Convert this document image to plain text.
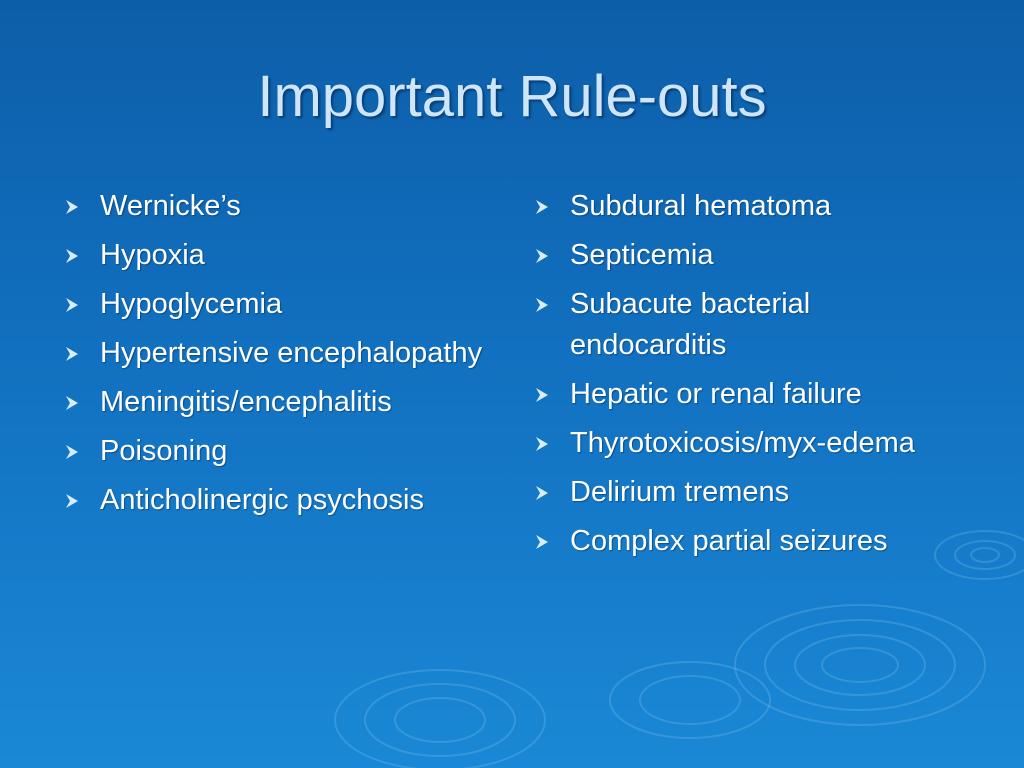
Important Rule-outs
Wernicke’s
Hypoxia
Hypoglycemia
Hypertensive encephalopathy
Meningitis/encephalitis
Poisoning
Anticholinergic psychosis
Subdural hematoma
Septicemia
Subacute bacterial endocarditis
Hepatic or renal failure
Thyrotoxicosis/myx-edema
Delirium tremens
Complex partial seizures
